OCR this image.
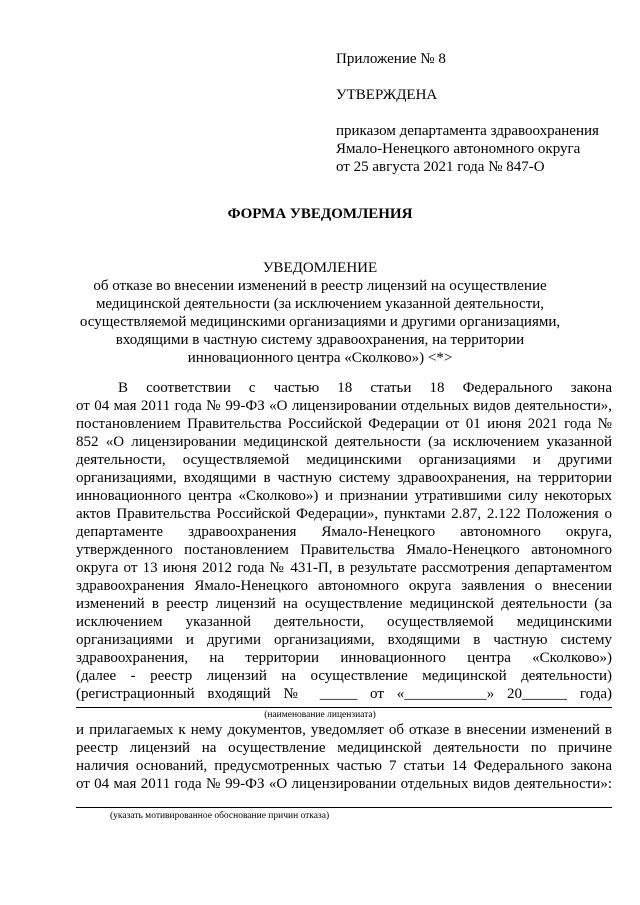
Приложение № 8
УТВЕРЖДЕНА
приказом департамента здравоохранения
Ямало-Ненецкого автономного округа
от 25 августа 2021 года № 847-О
ФОРМА УВЕДОМЛЕНИЯ
УВЕДОМЛЕНИЕ
об отказе во внесении изменений в реестр лицензий на осуществление
медицинской деятельности (за исключением указанной деятельности,
осуществляемой медицинскими организациями и другими организациями,
входящими в частную систему здравоохранения, на территории
инновационного центра «Сколково») <*>
В соответствии с частью 18 статьи 18 Федерального закона
от 04 мая 2011 года № 99-ФЗ «О лицензировании отдельных видов деятельности»,
постановлением Правительства Российской Федерации от 01 июня 2021 года №
852 «О лицензировании медицинской деятельности (за исключением указанной
деятельности, осуществляемой медицинскими организациями и другими
организациями, входящими в частную систему здравоохранения, на территории
инновационного центра «Сколково») и признании утратившими силу некоторых
актов Правительства Российской Федерации», пунктами 2.87, 2.122 Положения о
департаменте здравоохранения Ямало-Ненецкого автономного округа,
утвержденного постановлением Правительства Ямало-Ненецкого автономного
округа от 13 июня 2012 года № 431-П, в результате рассмотрения департаментом
здравоохранения Ямало-Ненецкого автономного округа заявления о внесении
изменений в реестр лицензий на осуществление медицинской деятельности (за
исключением указанной деятельности, осуществляемой медицинскими
организациями и другими организациями, входящими в частную систему
здравоохранения, на территории инновационного центра «Сколково»)
(далее - реестр лицензий на осуществление медицинской деятельности)
(регистрационный входящий № _____ от «___________» 20______ года)
(наименование лицензиата)
и прилагаемых к нему документов, уведомляет об отказе в внесении изменений в
реестр лицензий на осуществление медицинской деятельности по причине
наличия оснований, предусмотренных частью 7 статьи 14 Федерального закона
от 04 мая 2011 года № 99-ФЗ «О лицензировании отдельных видов деятельности»:
(указать мотивированное обоснование причин отказа)
